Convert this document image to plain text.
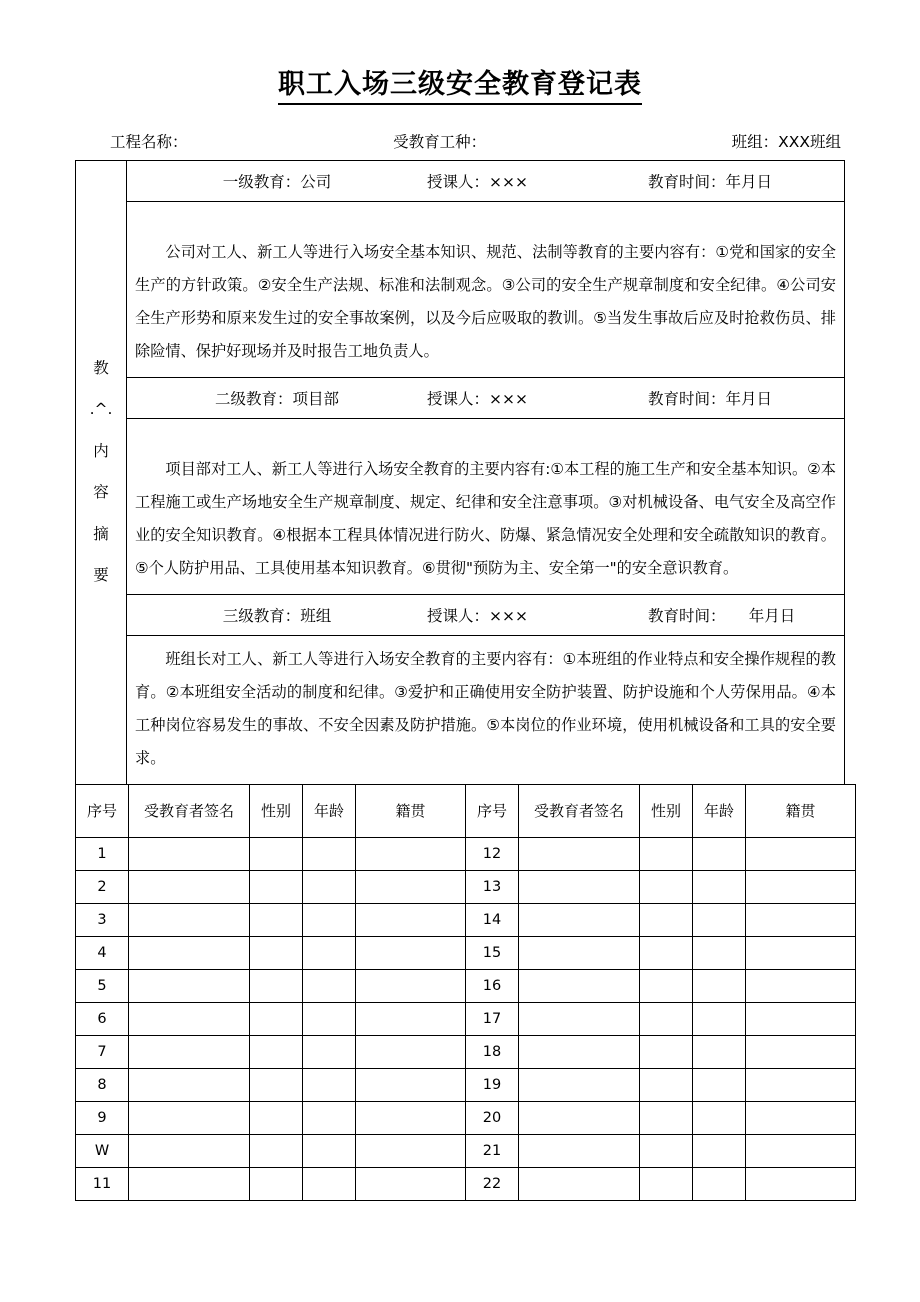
职工入场三级安全教育登记表
工程名称：	受教育工种：	班组：XXX班组
教
.^.
内
容
摘
要

一级教育：公司	授课人：×××	教育时间：年月日

公司对工人、新工人等进行入场安全基本知识、规范、法制等教育的主要内容有：①党和国家的安全生产的方针政策。②安全生产法规、标准和法制观念。③公司的安全生产规章制度和安全纪律。④公司安全生产形势和原来发生过的安全事故案例，以及今后应吸取的教训。⑤当发生事故后应及时抢救伤员、排除险情、保护好现场并及时报告工地负责人。

二级教育：项目部	授课人：×××	教育时间：年月日

项目部对工人、新工人等进行入场安全教育的主要内容有:①本工程的施工生产和安全基本知识。②本工程施工或生产场地安全生产规章制度、规定、纪律和安全注意事项。③对机械设备、电气安全及高空作业的安全知识教育。④根据本工程具体情况进行防火、防爆、紧急情况安全处理和安全疏散知识的教育。⑤个人防护用品、工具使用基本知识教育。⑥贯彻"预防为主、安全第一"的安全意识教育。

三级教育：班组	授课人：×××	教育时间：　　年月日

班组长对工人、新工人等进行入场安全教育的主要内容有：①本班组的作业特点和安全操作规程的教育。②本班组安全活动的制度和纪律。③爱护和正确使用安全防护装置、防护设施和个人劳保用品。④本工种岗位容易发生的事故、不安全因素及防护措施。⑤本岗位的作业环境，使用机械设备和工具的安全要求。

序号	受教育者签名	性别	年龄	籍贯	序号	受教育者签名	性别	年龄	籍贯
1					12				
2					13				
3					14				
4					15				
5					16				
6					17				
7					18				
8					19				
9					20				
W					21				
11					22				
